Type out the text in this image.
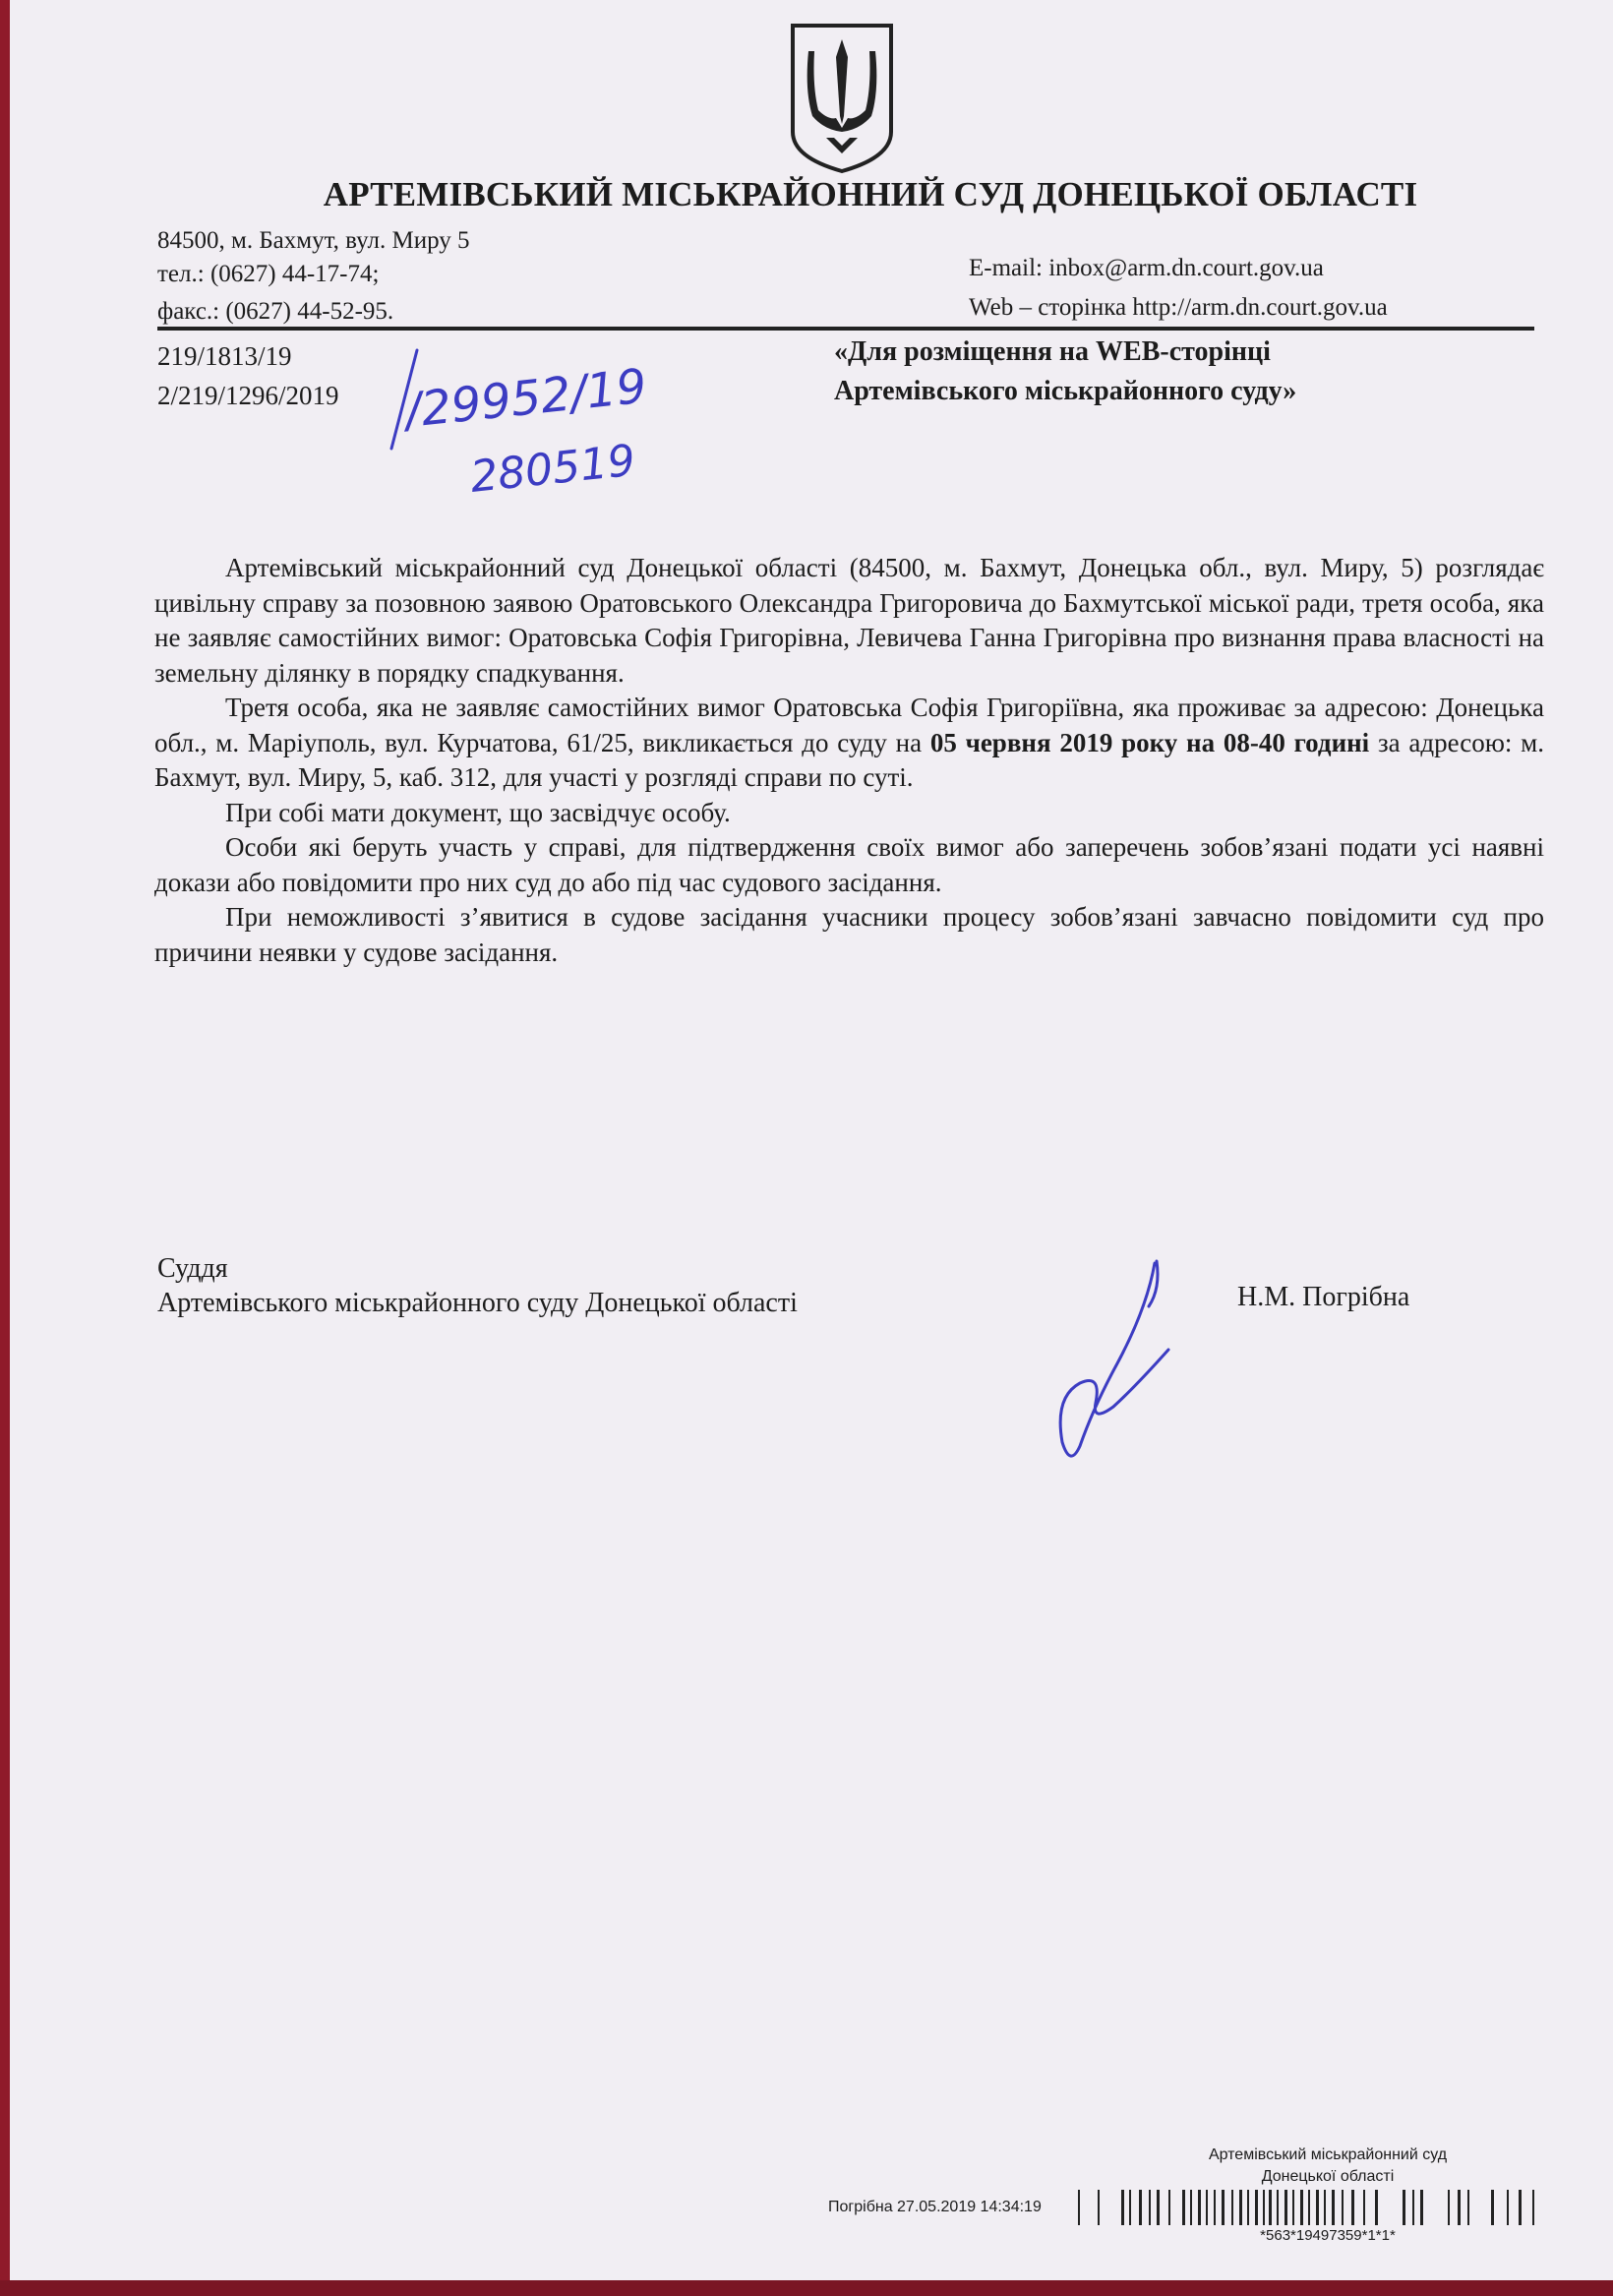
АРТЕМІВСЬКИЙ МІСЬКРАЙОННИЙ СУД ДОНЕЦЬКОЇ ОБЛАСТІ
84500, м. Бахмут, вул. Миру 5
тел.: (0627) 44-17-74;
факс.: (0627) 44-52-95.
E-mail: inbox@arm.dn.court.gov.ua
Web – сторінка http://arm.dn.court.gov.ua
219/1813/19
2/219/1296/2019 /29952/19
280519
«Для розміщення на WEB-сторінці
Артемівського міськрайонного суду»

Артемівський міськрайонний суд Донецької області (84500, м. Бахмут, Донецька обл., вул. Миру, 5) розглядає цивільну справу за позовною заявою Оратовського Олександра Григоровича до Бахмутської міської ради, третя особа, яка не заявляє самостійних вимог: Оратовська Софія Григорівна, Левичева Ганна Григорівна про визнання права власності на земельну ділянку в порядку спадкування.

Третя особа, яка не заявляє самостійних вимог Оратовська Софія Григоріївна, яка проживає за адресою: Донецька обл., м. Маріуполь, вул. Курчатова, 61/25, викликається до суду на 05 червня 2019 року на 08-40 годині за адресою: м. Бахмут, вул. Миру, 5, каб. 312, для участі у розгляді справи по суті.

При собі мати документ, що засвідчує особу.

Особи які беруть участь у справі, для підтвердження своїх вимог або заперечень зобов’язані подати усі наявні докази або повідомити про них суд до або під час судового засідання.

При неможливості з’явитися в судове засідання учасники процесу зобов’язані завчасно повідомити суд про причини неявки у судове засідання.

Суддя
Артемівського міськрайонного суду Донецької області	Н.М. Погрібна
Артемівський міськрайонний суд
Донецької області
Погрібна 27.05.2019 14:34:19
*563*19497359*1*1*
